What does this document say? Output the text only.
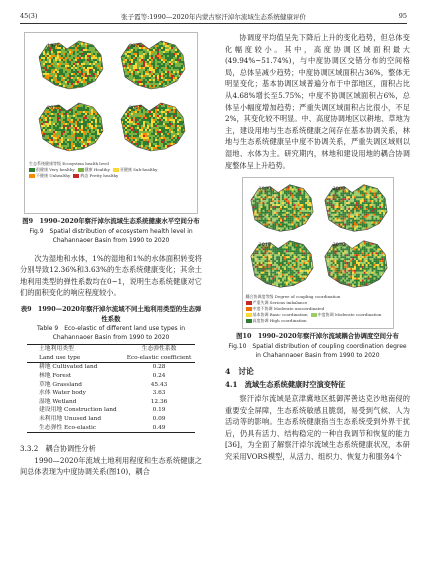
45(3)	张子霞等:1990—2020年内蒙古察汗淖尔流域生态系统健康评价	95
1990	2000
2010	2020
生态系统健康等级 Ecosystem health level
很健康 Very healthy	健康 Healthy	亚健康 Sub-healthy不健康 Unhealthy	病态 Pretty healthy
图9　1990–2020年察汗淖尔流域生态系统健康水平空间分布
Fig.9　Spatial distribution of ecosystem health level in Chahannaoer Basin from 1990 to 2020

次为湿地和水体，1%的湿地和1%的水体面积转变将分别导致12.36%和3.63%的生态系统健康变化；其余土地利用类型的弹性系数均在0~1，说明生态系统健康对它们的面积变化的响应程度较小。

表9　1990—2020年察汗淖尔流域不同土地利用类型的生态弹性系数
Table 9　Eco-elastic of different land use types in Chahannaoer Basin from 1990 to 2020
土地利用类型	生态弹性系数
Land use type	Eco-elastic coefficient
耕地 Cultivated land	0.28
林地 Forest	0.24
草地 Grassland	45.43
水体 Water body	3.63
湿地 Wetland	12.36
建设用地 Construction land	0.19
未利用地 Unused land	0.09
生态弹性 Eco-elastic	0.49
3.3.2　耦合协调性分析

1990—2020年流域土地利用程度和生态系统健康之间总体表现为中度协调关系(图10)，耦合

协调度平均值呈先下降后上升的变化趋势，但总体变化幅度较小。其中，高度协调区域面积最大(49.94%~51.74%)，与中度协调区交错分布的空间格局，总体呈减少趋势；中度协调区域面积占36%，整体无明显变化；基本协调区域普遍分布于中部地区，面积占比从4.68%增长至5.75%；中度不协调区域面积占6%，总体呈小幅度增加趋势；严重失调区域面积占比很小，不足2%，其变化较不明显。中、高度协调地区以耕地、草地为主，建设用地与生态系统健康之间存在基本协调关系，林地与生态系统健康呈中度不协调关系，严重失调区域则以湿地、水体为主。研究期内，林地和建设用地的耦合协调度整体呈上升趋势。

1990	2000
2010	2020
耦合协调度等级 Degree of coupling coordination
严重失调 Serious imbalance中度不协调 Moderate uncoordinated基本协调 Basic coordination	中度协调 Moderate coordination高度协调 High coordination
图10　1990–2020年察汗淖尔流域耦合协调度空间分布
Fig.10　Spatial distribution of coupling coordination degree in Chahannaoer Basin from 1990 to 2020
4　讨论
4.1　流域生态系统健康时空演变特征

察汗淖尔流域是京津冀地区抵御浑善达克沙地南侵的重要安全屏障，生态系统敏感且脆弱，易受到气候、人为活动等的影响。生态系统健康指当生态系统受到外界干扰后，仍具有活力、结构稳定的一种自我调节和恢复的能力[36]，为全面了解察汗淖尔流域生态系统健康状况，本研究采用VORS模型，从活力、组织力、恢复力和服务4个
